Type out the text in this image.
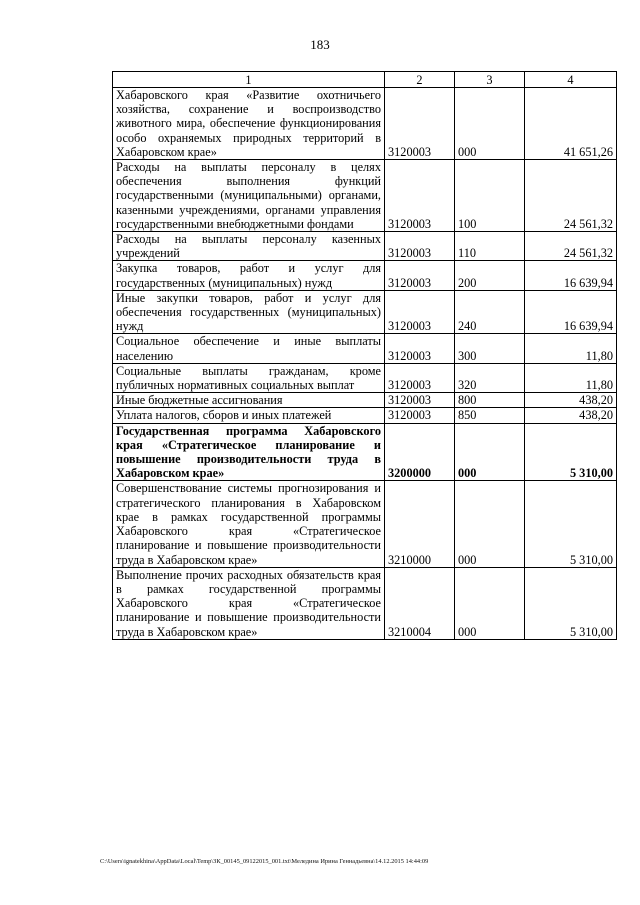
183
1	2	3	4
Хабаровского края «Развитие охотничьего хозяйства, сохранение и воспроизводство животного мира, обеспечение функционирования особо охраняемых природных территорий в Хабаровском крае»	3120003	000	41 651,26
Расходы на выплаты персоналу в целях обеспечения выполнения функций государственными (муниципальными) органами, казенными учреждениями, органами управления государственными внебюджетными фондами	3120003	100	24 561,32
Расходы на выплаты персоналу казенных учреждений	3120003	110	24 561,32
Закупка товаров, работ и услуг для государственных (муниципальных) нужд	3120003	200	16 639,94
Иные закупки товаров, работ и услуг для обеспечения государственных (муниципальных) нужд	3120003	240	16 639,94
Социальное обеспечение и иные выплаты населению	3120003	300	11,80
Социальные выплаты гражданам, кроме публичных нормативных социальных выплат	3120003	320	11,80
Иные бюджетные ассигнования	3120003	800	438,20
Уплата налогов, сборов и иных платежей	3120003	850	438,20
Государственная программа Хабаровского края «Стратегическое планирование и повышение производительности труда в Хабаровском крае»	3200000	000	5 310,00
Совершенствование системы прогнозирования и стратегического планирования в Хабаровском крае в рамках государственной программы Хабаровского края «Стратегическое планирование и повышение производительности труда в Хабаровском крае»	3210000	000	5 310,00
Выполнение прочих расходных обязательств края в рамках государственной программы Хабаровского края «Стратегическое планирование и повышение производительности труда в Хабаровском крае»	3210004	000	5 310,00
C:\Users\ignatekhina\AppData\Local\Temp\ЗК_00145_09122015_001.txt\Меледина Ирина Геннадьевна\14.12.2015 14:44:09
